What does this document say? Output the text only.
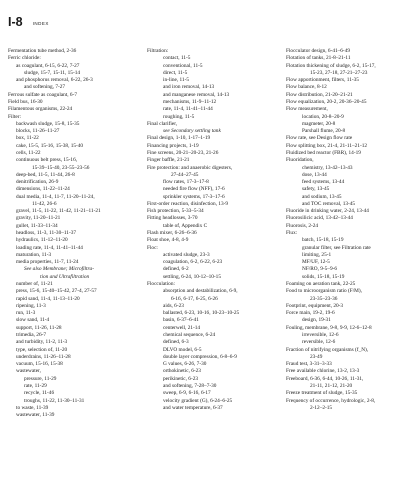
I-8 INDEX
Fermentation tube method, 2-36
Ferric chloride:
as coagulant, 6-15, 6-22, 7-27
sludge, 15-7, 15-11, 15-14
and phosphorus removal, 6-22, 26-3
and softening, 7-27
Ferrous sulfate as coagulant, 6-7
Field bus, 16-30
Filamentous organisms, 22-24
Filter:
backwash sludge, 15-8, 15-35
blocks, 11-26–11-27
box, 11-22
cake, 15-5, 15-16, 15-38, 15-40
cells, 11-22
continuous belt press, 15-16,
15-39–15-40, 23-55–23-56
deep-bed, 11-5, 11-44, 26-8
denitrification, 26-9
dimensions, 11-22–11-24
dual media, 11-4, 11-7, 11-20–11-24,
11-42, 26-6
gravel, 11-5, 11-22, 11-42, 11-21–11-21
gravity, 11-20–11-21
gullet, 11-33–11-34
headloss, 11-3, 11-30–11-37
hydraulics, 11-12–11-20
loading rate, 11-4, 11-41–11-44
maturation, 11-3
media properties, 11-7, 11-24
See also Membrane; Microfiltra-
tion and Ultrafiltration
number of, 11-21
press, 15-6, 15-40–15-42, 27-4, 27-57
rapid sand, 11-4, 11-13–11-20
ripening, 11-3
run, 11-3
slow sand, 11-4
support, 11-26, 11-28
trimedia, 26-7
and turbidity, 11-2, 11-3
type, selection of, 11-20
underdrains, 11-26–11-28
vacuum, 15-16, 15-38
wastewater,
pressure, 11-29
rate, 11-29
recycle, 11-46
troughs, 11-22, 11-30–11-31
to waste, 11-39
wastewater, 11-39
Filtration:
contact, 11-5
conventional, 11-5
direct, 11-5
in-line, 11-5
and iron removal, 14-13
and manganese removal, 14-13
mechanisms, 11-9–11-12
rate, 11-4, 11-41–11-44
roughing, 11-5
Final clarifier,
see Secondary settling tank
Final design, 1-10, 1-17–1-19
Financing projects, 1-19
Fine screens, 20-21–20-23, 21-26
Finger baffle, 21-21
Fire protection: and anaerobic digesters,
27-44–27-45
flow rates, 17-3–17-8
needed fire flow (NFF), 17-6
sprinkler systems, 17-3–17-6
First-order reaction, disinfection, 13-9
Fish protection, 5-33–5-34
Fitting headlosses, 3-70
table of, Appendix C
Flash mixer, 6-26–6-36
Float shoe, 4-8, 4-9
Floc:
activated sludge, 23-3
coagulation, 6-2, 6-22, 6-23
defined, 6-2
settling, 6-24, 10-12–10-15
Flocculation:
absorption and destabilization, 6-9,
6-16, 6-17, 6-25, 6-26
aids, 6-23
ballasted, 6-23, 10-16, 10-23–10-25
basin, 6-37–6-41
centerwell, 21-14
chemical sequence, 6-24
defined, 6-3
DLVO model, 6-5
double layer compression, 6-8–6-9
G values, 6-26, 7-30
orthokinetic, 6-23
perikinetic, 6-23
and softening, 7-28–7-30
sweep, 6-9, 6-16, 6-17
velocity gradient (G), 6-24–6-25
and water temperature, 6-37
Flocculator design, 6-41–6-49
Flotation of tanks, 21-8–21-11
Flotation thickening of sludge, 6-2, 15-17,
15-23, 27-18, 27-21–27-23
Flow apportionment, filters, 11-35
Flow balance, 8-12
Flow distribution, 21-20–21-21
Flow equalization, 20-2, 20-36–20-45
Flow measurement,
location, 20-8–20-9
magmeter, 20-8
Parshall flume, 20-8
Flow rate, see Design flow rate
Flow splitting box, 21-4, 21-11–21-12
Fluidized bed reactor (FBR), 14-19
Fluoridation,
chemistry, 13-42–13-43
dose, 13-44
feed systems, 13-44
safety, 13-45
and sodium, 13-45
and TOC removal, 13-45
Fluoride in drinking water, 2-24, 13-44
Fluorosilicic acid, 13-42–13-44
Fluorosis, 2-24
Flux:
batch, 15-18, 15-19
granular filter, see Filtration rate
limiting, 25-1
MF/UF, 12-5
NF/RO, 9-5–9-6
solids, 15-18, 15-19
Foaming on aeration tank, 22-25
Food to microorganism ratio (F/M),
23-35–23-36
Footprint, equipment, 20-3
Force main, 19-2, 19-6
design, 19-31
Fouling, membrane, 9-8, 9-9, 12-6–12-8
irreversible, 12-6
reversible, 12-6
Fraction of nitrifying organisms (f_N),
23-49
Fraud test, 3-31–3-33
Free available chlorine, 13-2, 13-3
Freeboard, 6-36, 6-44, 10-26, 11-31,
21-11, 21-12, 21-20
Freeze treatment of sludge, 15-35
Frequency of occurrence, hydrologic, 2-8,
2-12–2-15
